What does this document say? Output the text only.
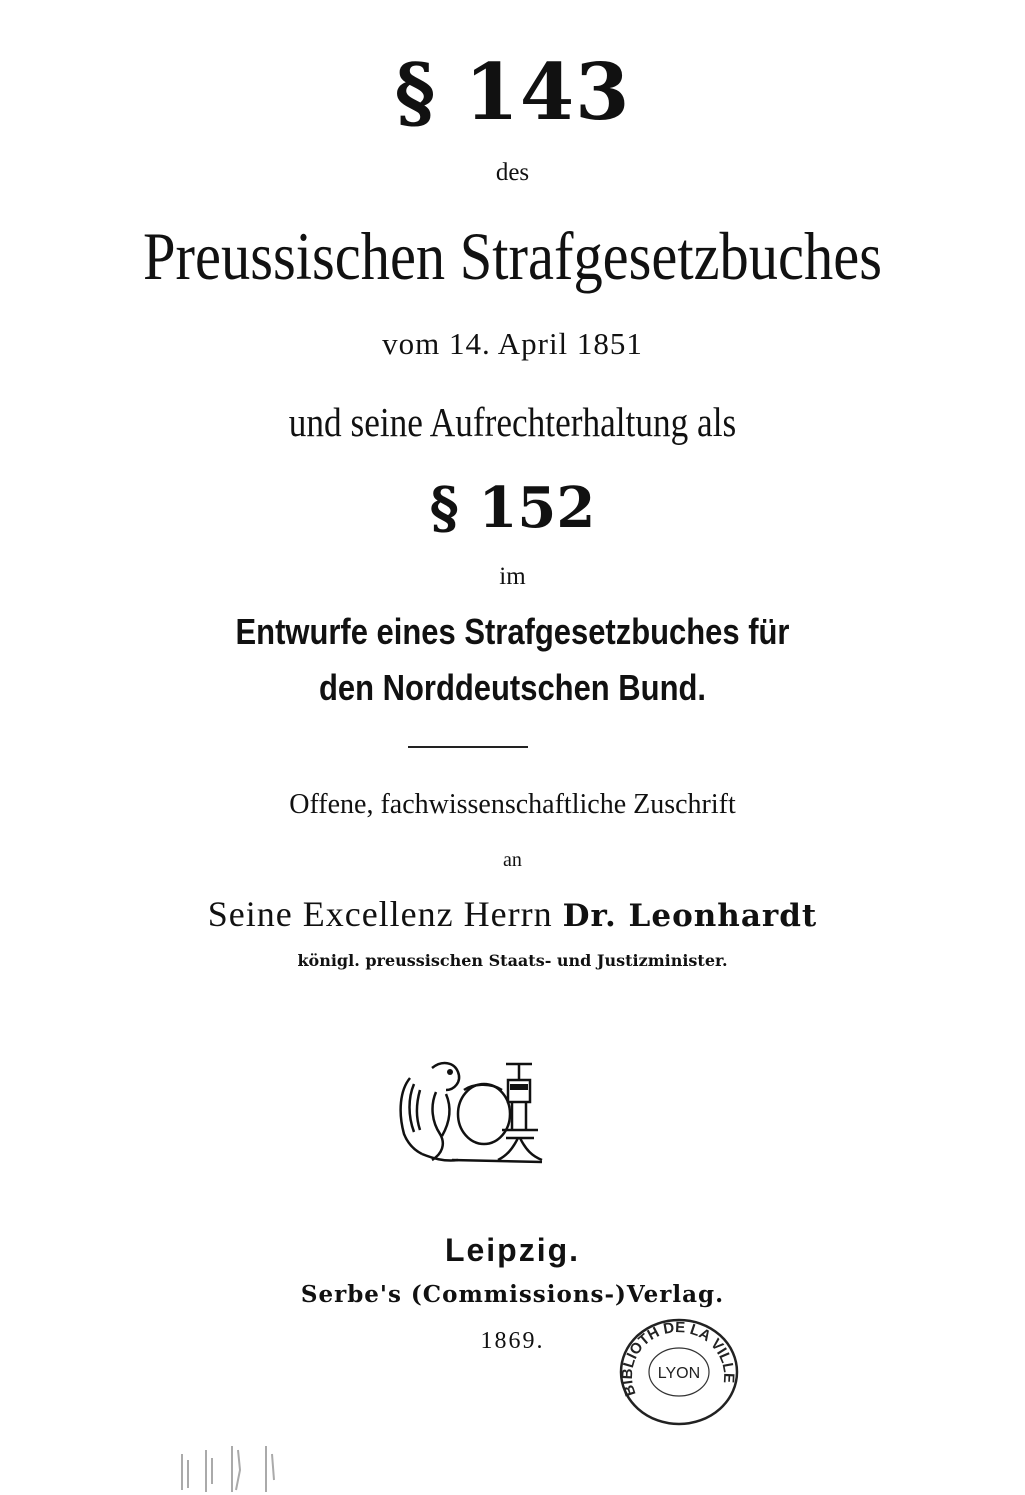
§ 143
des
Preussischen Strafgesetzbuches
vom 14. April 1851
und seine Aufrechterhaltung als
§ 152
im
Entwurfe eines Strafgesetzbuches für
den Norddeutschen Bund.
Offene, fachwissenschaftliche Zuschrift
an
Seine Excellenz Herrn Dr. Leonhardt
königl. preussischen Staats- und Justizminister.
Leipzig.
Serbe's (Commissions-)Verlag.
1869.
BIBLIOTH DE LA VILLE
LYON
